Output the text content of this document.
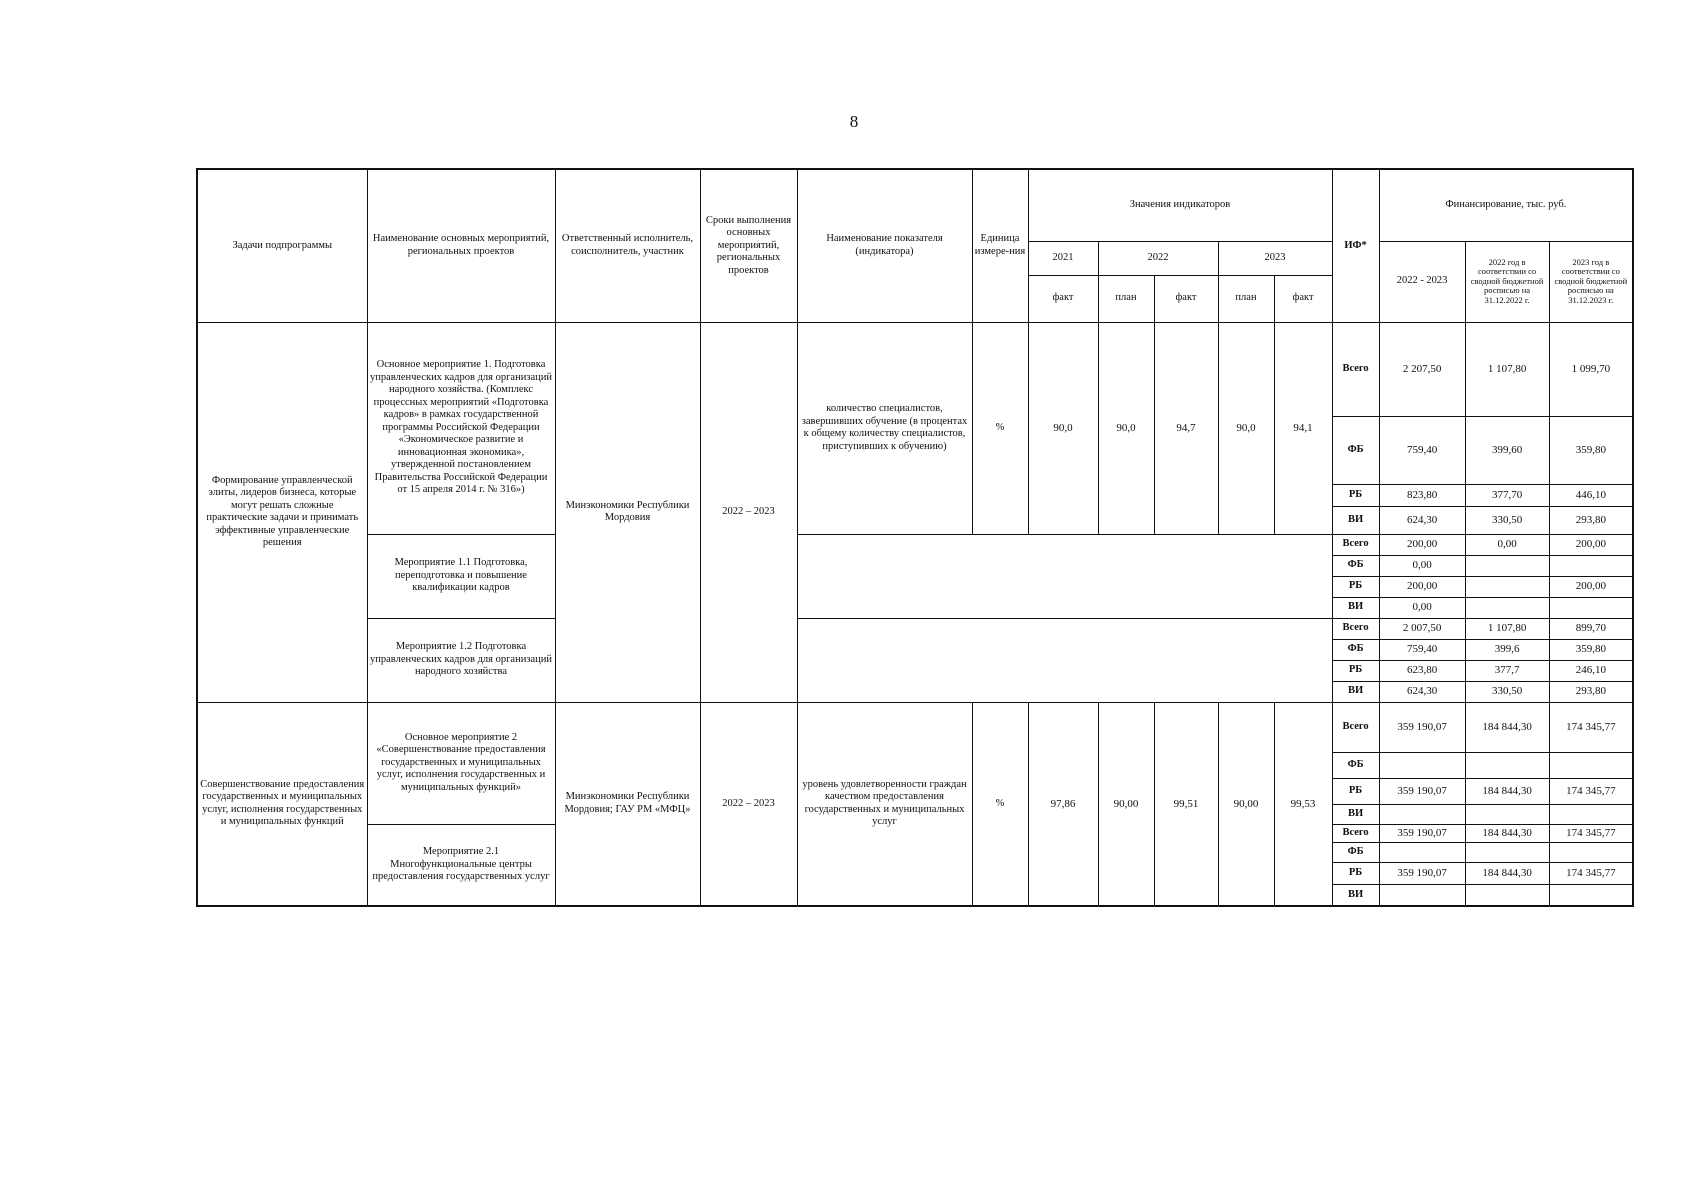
8
Задачи подпрограммы	Наименование основных мероприятий, региональных проектов	Ответственный исполнитель, соисполнитель, участник	Сроки выполнения основных мероприятий, региональных проектов	Наименование показателя (индикатора)	Единица измере-ния	Значения индикаторов					ИФ*	Финансирование, тыс. руб.		
						2021	2022		2023			2022 - 2023	2022 год в соответствии со сводной бюджетной росписью на 31.12.2022 г.	2023 год в соответствии со сводной бюджетной росписью на 31.12.2023 г.
						факт	план	факт	план	факт				
Формирование управленческой элиты, лидеров бизнеса, которые могут решать сложные практические задачи и принимать эффективные управленческие решения	Основное мероприятие 1. Подготовка управленческих кадров для организаций народного хозяйства. (Комплекс процессных мероприятий «Подготовка кадров» в рамках государственной программы Российской Федерации «Экономическое развитие и инновационная экономика», утвержденной постановлением Правительства Российской Федерации от 15 апреля 2014 г. № 316»)	Минэкономики Республики Мордовия	2022 – 2023	количество специалистов, завершивших обучение (в процентах к общему количеству специалистов, приступивших к обучению)	%	90,0	90,0	94,7	90,0	94,1	Всего	2 207,50	1 107,80	1 099,70
											ФБ	759,40	399,60	359,80
											РБ	823,80	377,70	446,10
											ВИ	624,30	330,50	293,80
	Мероприятие 1.1 Подготовка, переподготовка и повышение квалификации кадров										Всего	200,00	0,00	200,00
											ФБ	0,00		
											РБ	200,00		200,00
											ВИ	0,00		
	Мероприятие 1.2 Подготовка управленческих кадров для организаций народного хозяйства										Всего	2 007,50	1 107,80	899,70
											ФБ	759,40	399,6	359,80
											РБ	623,80	377,7	246,10
											ВИ	624,30	330,50	293,80
Совершенствование предоставления государственных и муниципальных услуг, исполнения государственных и муниципальных функций	Основное мероприятие 2 «Совершенствование предоставления государственных и муниципальных услуг, исполнения государственных и муниципальных функций»	Минэкономики Республики Мордовия; ГАУ РМ «МФЦ»	2022 – 2023	уровень удовлетворенности граждан качеством предоставления государственных и муниципальных услуг	%	97,86	90,00	99,51	90,00	99,53	Всего	359 190,07	184 844,30	174 345,77
											ФБ			
											РБ	359 190,07	184 844,30	174 345,77
											ВИ			
	Мероприятие 2.1 Многофункциональные центры предоставления государственных услуг										Всего	359 190,07	184 844,30	174 345,77
											ФБ			
											РБ	359 190,07	184 844,30	174 345,77
											ВИ			
